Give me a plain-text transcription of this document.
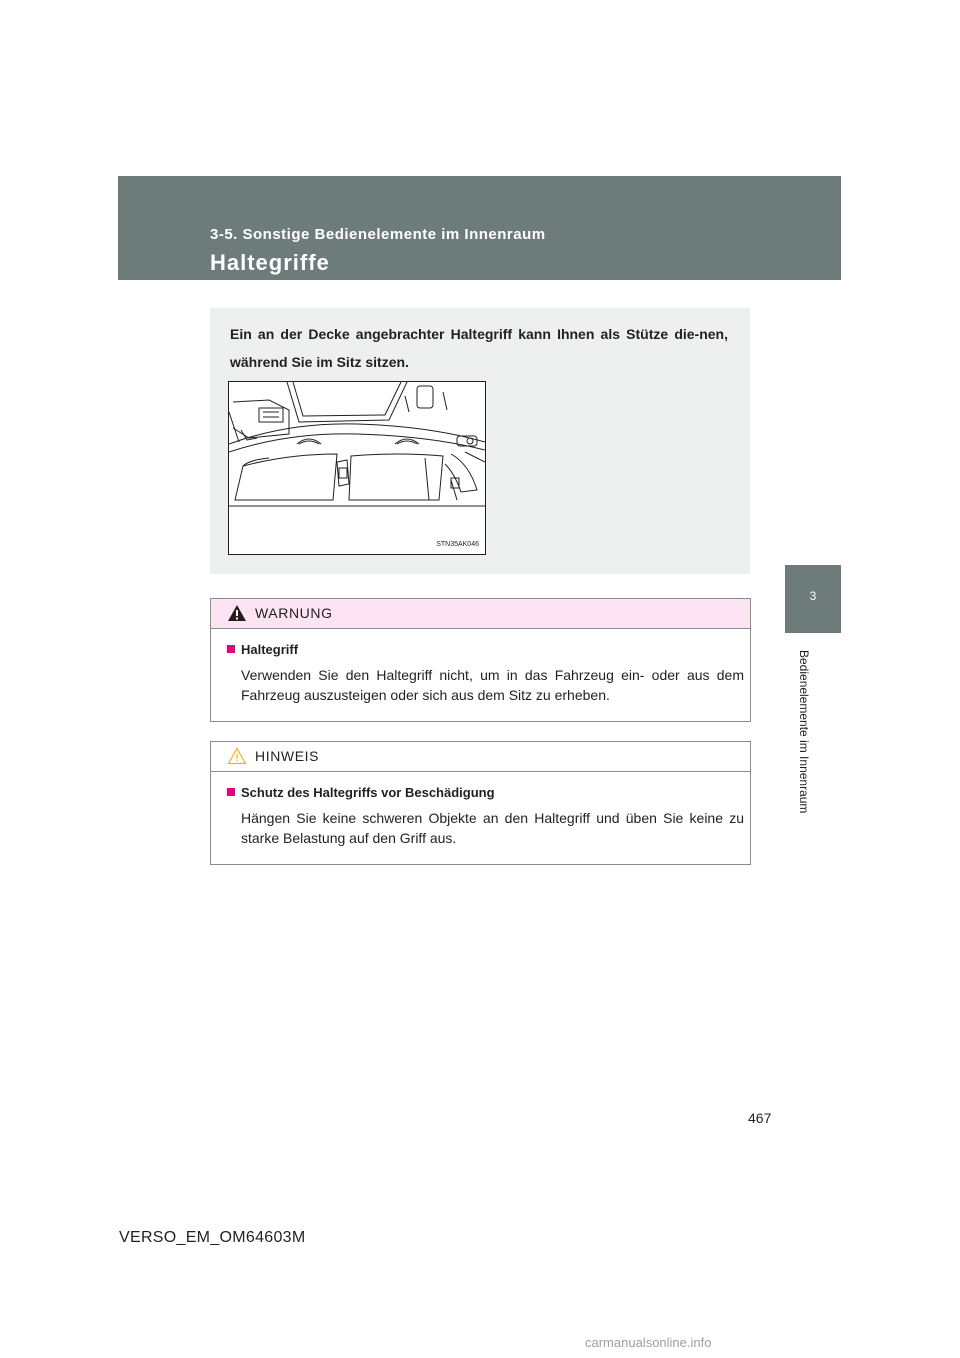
3-5. Sonstige Bedienelemente im Innenraum
Haltegriffe
3
Bedienelemente im Innenraum
Ein an der Decke angebrachter Haltegriff kann Ihnen als Stütze die-nen, während Sie im Sitz sitzen.
STN35AK046
WARNUNG
Haltegriff
Verwenden Sie den Haltegriff nicht, um in das Fahrzeug ein- oder aus dem Fahrzeug auszusteigen oder sich aus dem Sitz zu erheben.
HINWEIS
Schutz des Haltegriffs vor Beschädigung
Hängen Sie keine schweren Objekte an den Haltegriff und üben Sie keine zu starke Belastung auf den Griff aus.
467
VERSO_EM_OM64603M
carmanualsonline.info
